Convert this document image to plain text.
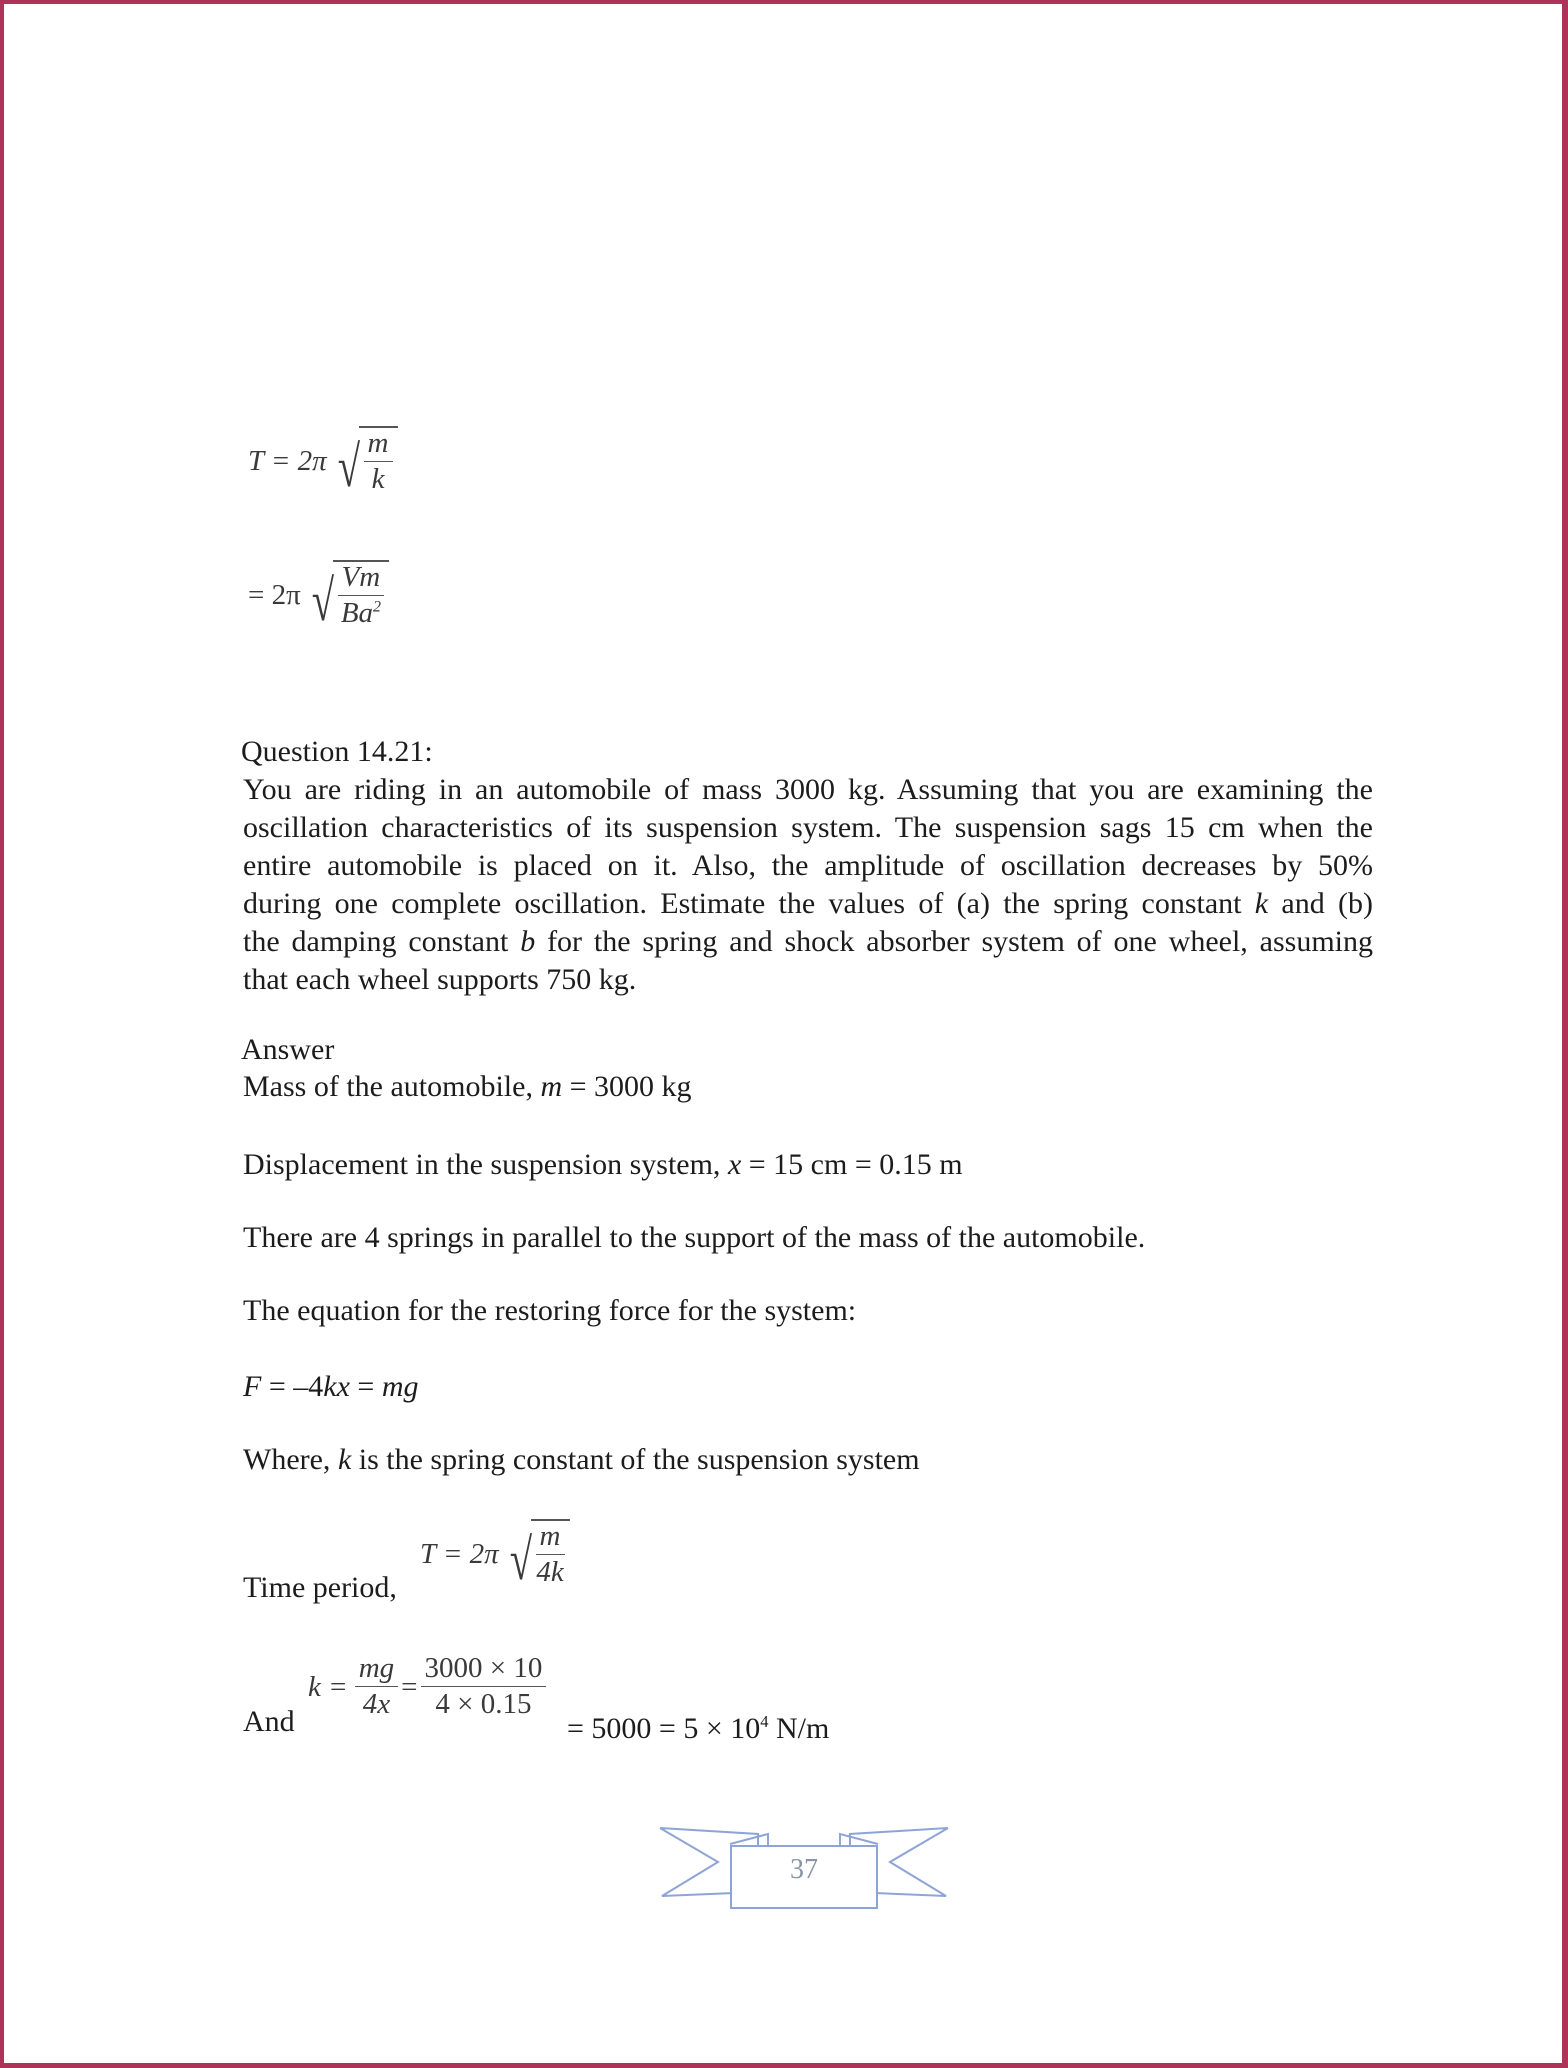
T = 2π √ $\frac{m}{k}$
= 2π √ $\frac{Vm}{Ba^2}$
Question 14.21:
You are riding in an automobile of mass 3000 kg. Assuming that you are examining the
oscillation characteristics of its suspension system. The suspension sags 15 cm when the
entire automobile is placed on it. Also, the amplitude of oscillation decreases by 50%
during one complete oscillation. Estimate the values of (a) the spring constant k and (b)
the damping constant b for the spring and shock absorber system of one wheel, assuming
that each wheel supports 750 kg.
Answer
Mass of the automobile, m = 3000 kg
Displacement in the suspension system, x = 15 cm = 0.15 m
There are 4 springs in parallel to the support of the mass of the automobile.
The equation for the restoring force for the system:
F = –4kx = mg
Where, k is the spring constant of the suspension system
Time period,
T = 2π √ $\frac{m}{4k}$
And
$k = \frac{mg}{4x} = \frac{3000 \times 10}{4 \times 0.15}$
= $5000 = 5 \times 10^4$ N/m
37
